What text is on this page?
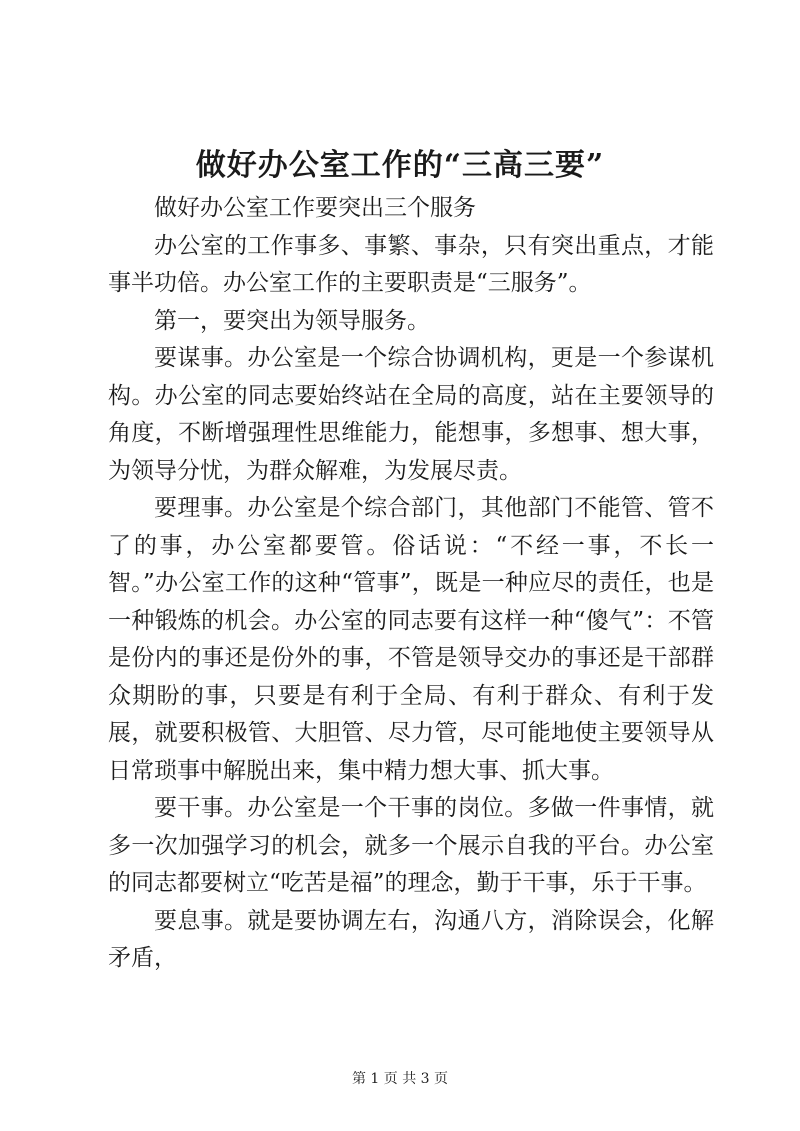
做好办公室工作的“三高三要”

做好办公室工作要突出三个服务

办公室的工作事多、事繁、事杂，只有突出重点，才能事半功倍。办公室工作的主要职责是“三服务”。

第一，要突出为领导服务。

要谋事。办公室是一个综合协调机构，更是一个参谋机构。办公室的同志要始终站在全局的高度，站在主要领导的角度，不断增强理性思维能力，能想事，多想事、想大事，为领导分忧，为群众解难，为发展尽责。

要理事。办公室是个综合部门，其他部门不能管、管不了的事，办公室都要管。俗话说：“不经一事，不长一智。”办公室工作的这种“管事”，既是一种应尽的责任，也是一种锻炼的机会。办公室的同志要有这样一种“傻气”：不管是份内的事还是份外的事，不管是领导交办的事还是干部群众期盼的事，只要是有利于全局、有利于群众、有利于发展，就要积极管、大胆管、尽力管，尽可能地使主要领导从日常琐事中解脱出来，集中精力想大事、抓大事。

要干事。办公室是一个干事的岗位。多做一件事情，就多一次加强学习的机会，就多一个展示自我的平台。办公室的同志都要树立“吃苦是福”的理念，勤于干事，乐于干事。

要息事。就是要协调左右，沟通八方，消除误会，化解矛盾，

第 1 页 共 3 页
